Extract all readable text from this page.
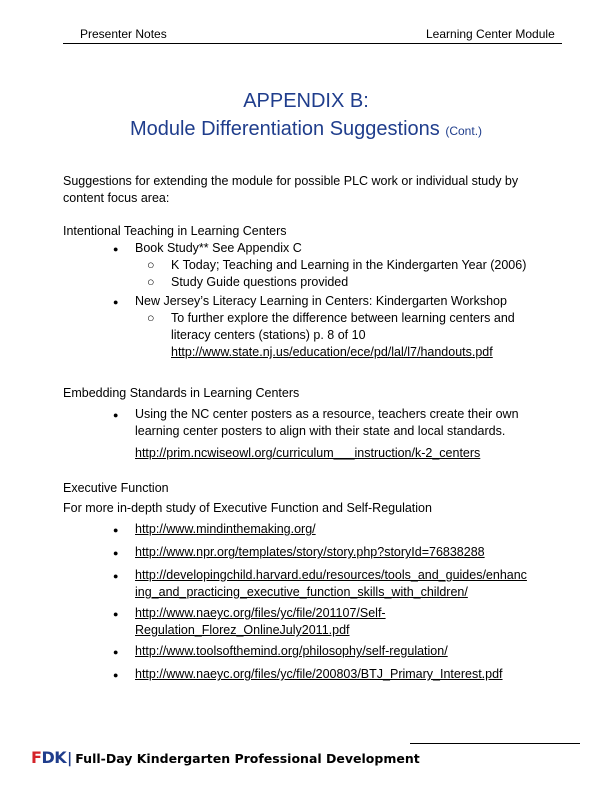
Presenter Notes	Learning Center Module
APPENDIX B:
Module Differentiation Suggestions (Cont.)
Suggestions for extending the module for possible PLC work or individual study by
content focus area:
Intentional Teaching in Learning Centers
● Book Study** See Appendix C
○ K Today; Teaching and Learning in the Kindergarten Year (2006)
○ Study Guide questions provided
● New Jersey’s Literacy Learning in Centers: Kindergarten Workshop
○ To further explore the difference between learning centers and
literacy centers (stations) p. 8 of 10
http://www.state.nj.us/education/ece/pd/lal/l7/handouts.pdf
Embedding Standards in Learning Centers
● Using the NC center posters as a resource, teachers create their own
learning center posters to align with their state and local standards.
http://prim.ncwiseowl.org/curriculum___instruction/k-2_centers
Executive Function
For more in-depth study of Executive Function and Self-Regulation
● http://www.mindinthemaking.org/
● http://www.npr.org/templates/story/story.php?storyId=76838288
● http://developingchild.harvard.edu/resources/tools_and_guides/enhanc
ing_and_practicing_executive_function_skills_with_children/
● http://www.naeyc.org/files/yc/file/201107/Self-
Regulation_Florez_OnlineJuly2011.pdf
● http://www.toolsofthemind.org/philosophy/self-regulation/
● http://www.naeyc.org/files/yc/file/200803/BTJ_Primary_Interest.pdf
FDK| Full-Day Kindergarten Professional Development
